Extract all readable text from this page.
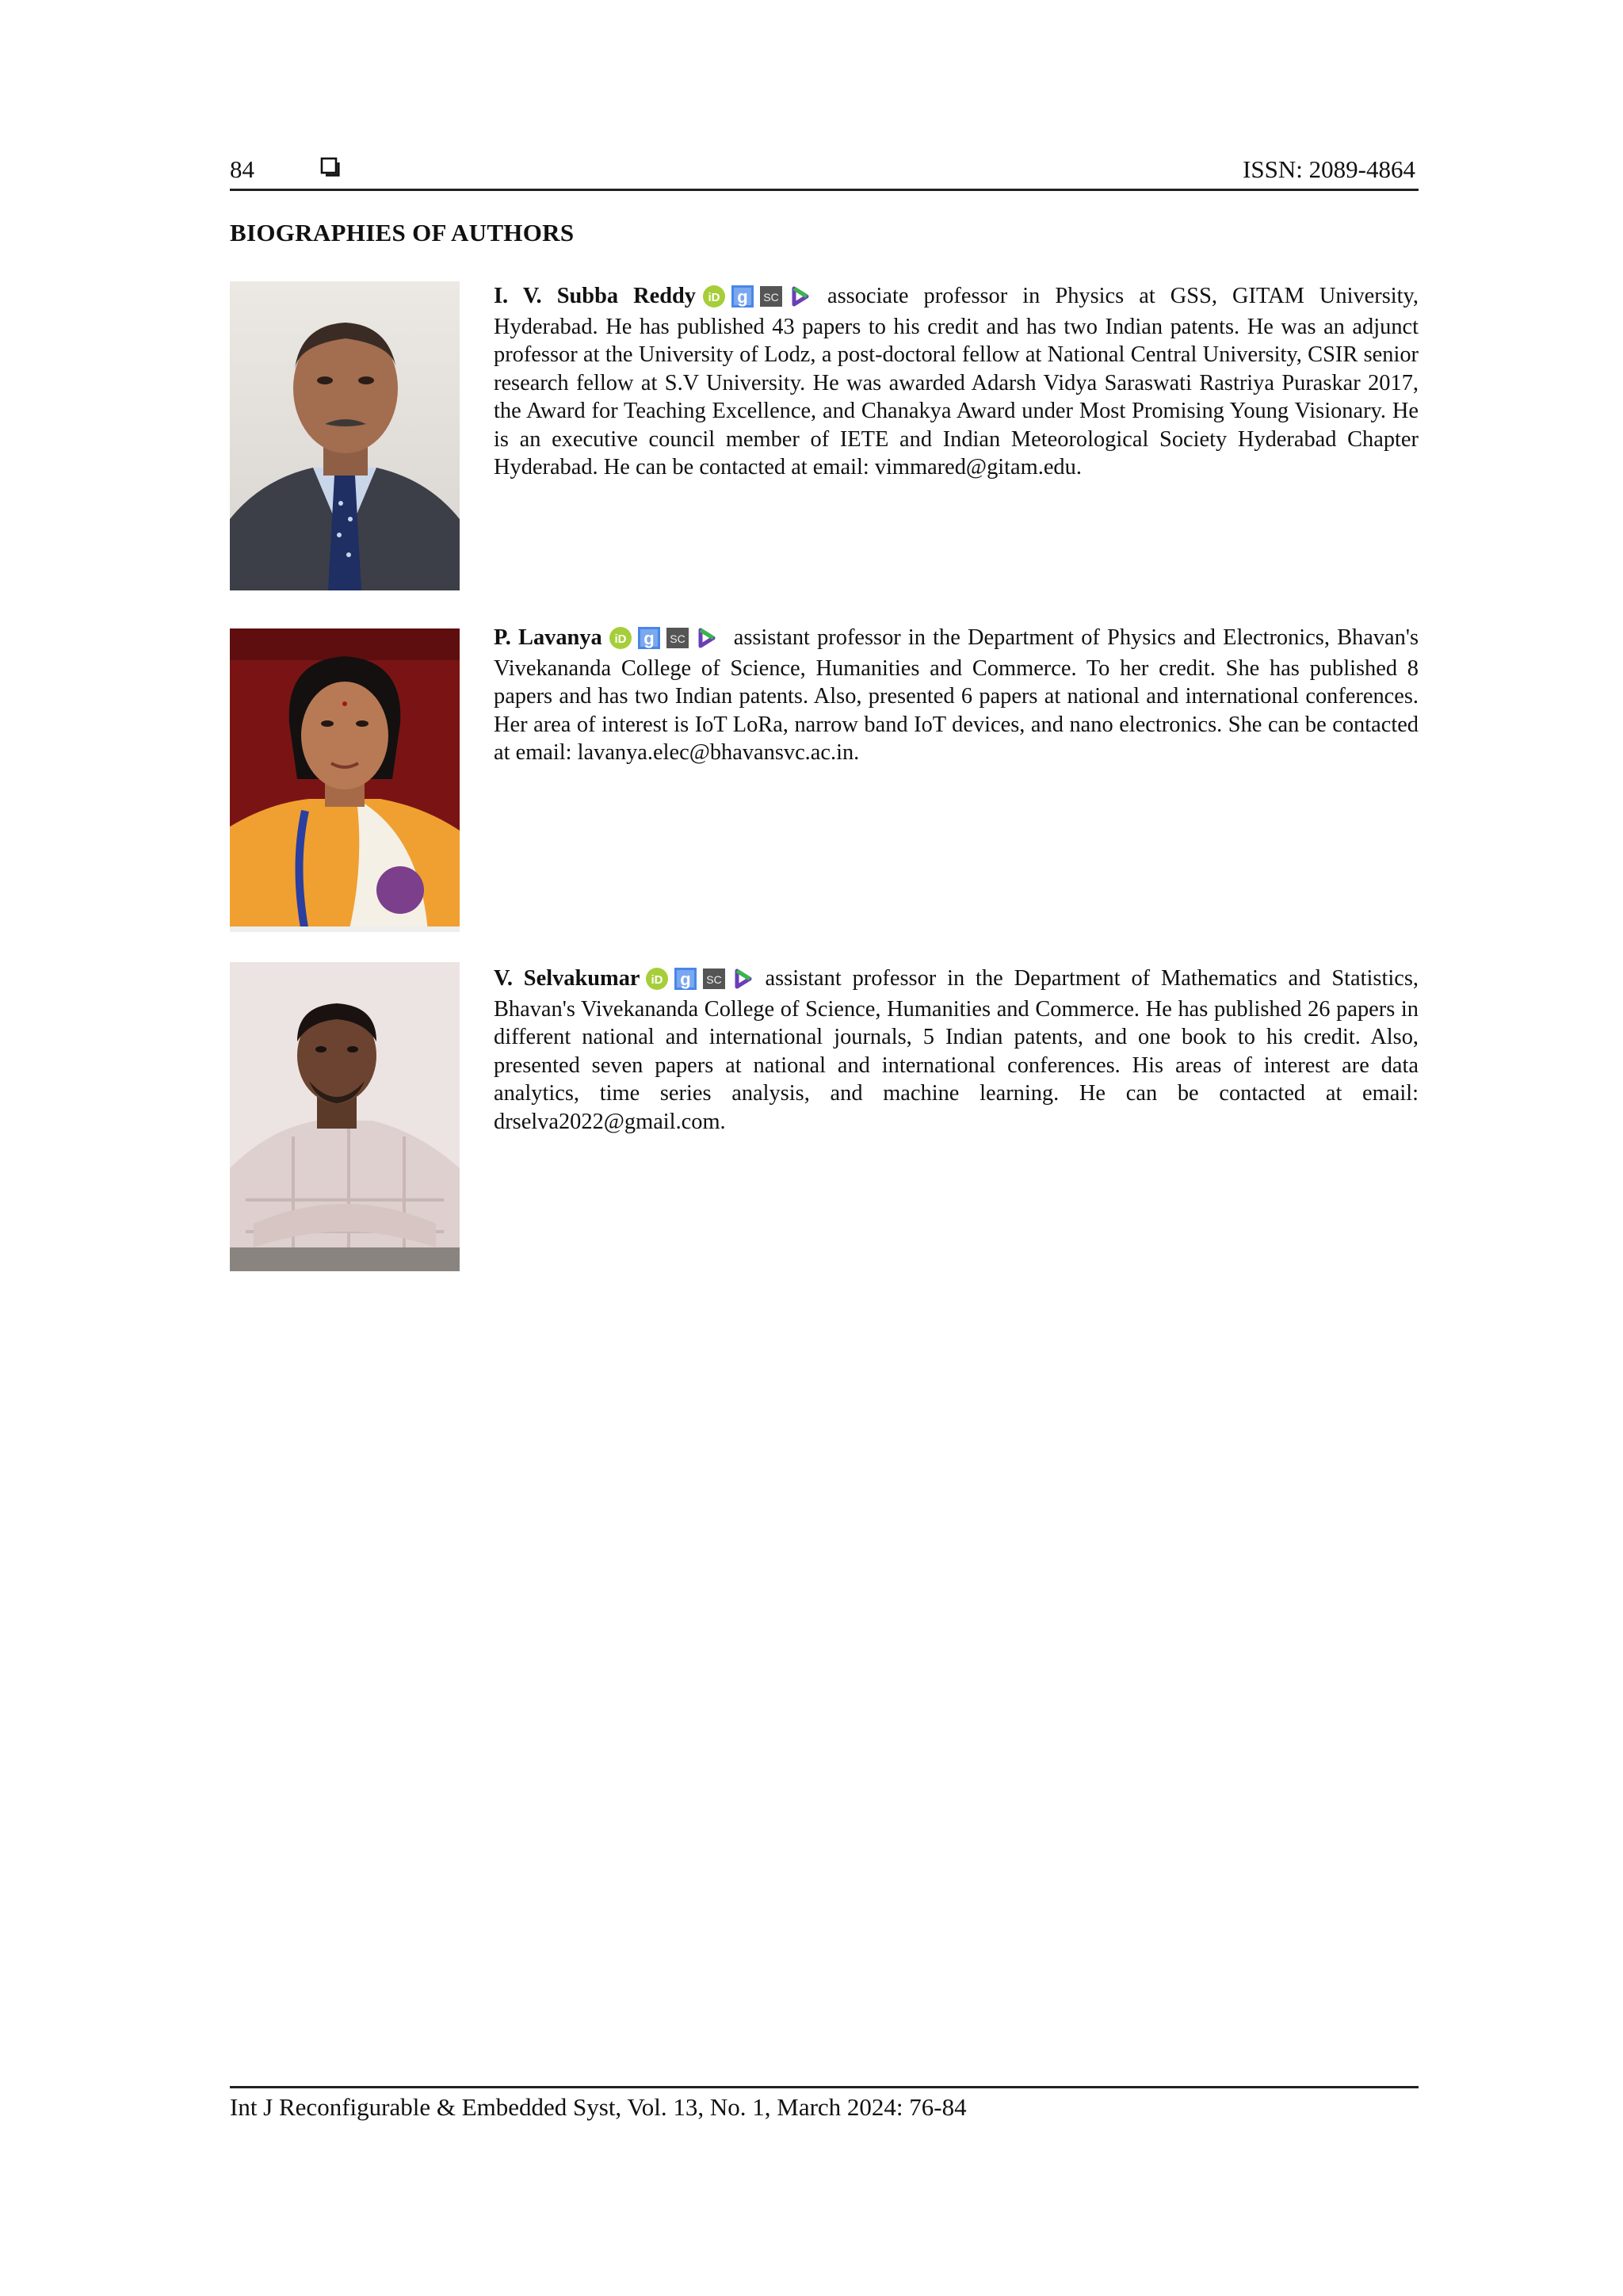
84	ISSN: 2089-4864
BIOGRAPHIES OF AUTHORS
I. V. Subba Reddy iD g SC associate professor in Physics at GSS, GITAM University, Hyderabad. He has published 43 papers to his credit and has two Indian patents. He was an adjunct professor at the University of Lodz, a post-doctoral fellow at National Central University, CSIR senior research fellow at S.V University. He was awarded Adarsh Vidya Saraswati Rastriya Puraskar 2017, the Award for Teaching Excellence, and Chanakya Award under Most Promising Young Visionary. He is an executive council member of IETE and Indian Meteorological Society Hyderabad Chapter Hyderabad. He can be contacted at email: vimmared@gitam.edu.
P. Lavanya iD g SC assistant professor in the Department of Physics and Electronics, Bhavan's Vivekananda College of Science, Humanities and Commerce. To her credit. She has published 8 papers and has two Indian patents. Also, presented 6 papers at national and international conferences. Her area of interest is IoT LoRa, narrow band IoT devices, and nano electronics. She can be contacted at email: lavanya.elec@bhavansvc.ac.in.
V. Selvakumar iD g SC assistant professor in the Department of Mathematics and Statistics, Bhavan's Vivekananda College of Science, Humanities and Commerce. He has published 26 papers in different national and international journals, 5 Indian patents, and one book to his credit. Also, presented seven papers at national and international conferences. His areas of interest are data analytics, time series analysis, and machine learning. He can be contacted at email: drselva2022@gmail.com.
Int J Reconfigurable & Embedded Syst, Vol. 13, No. 1, March 2024: 76-84
